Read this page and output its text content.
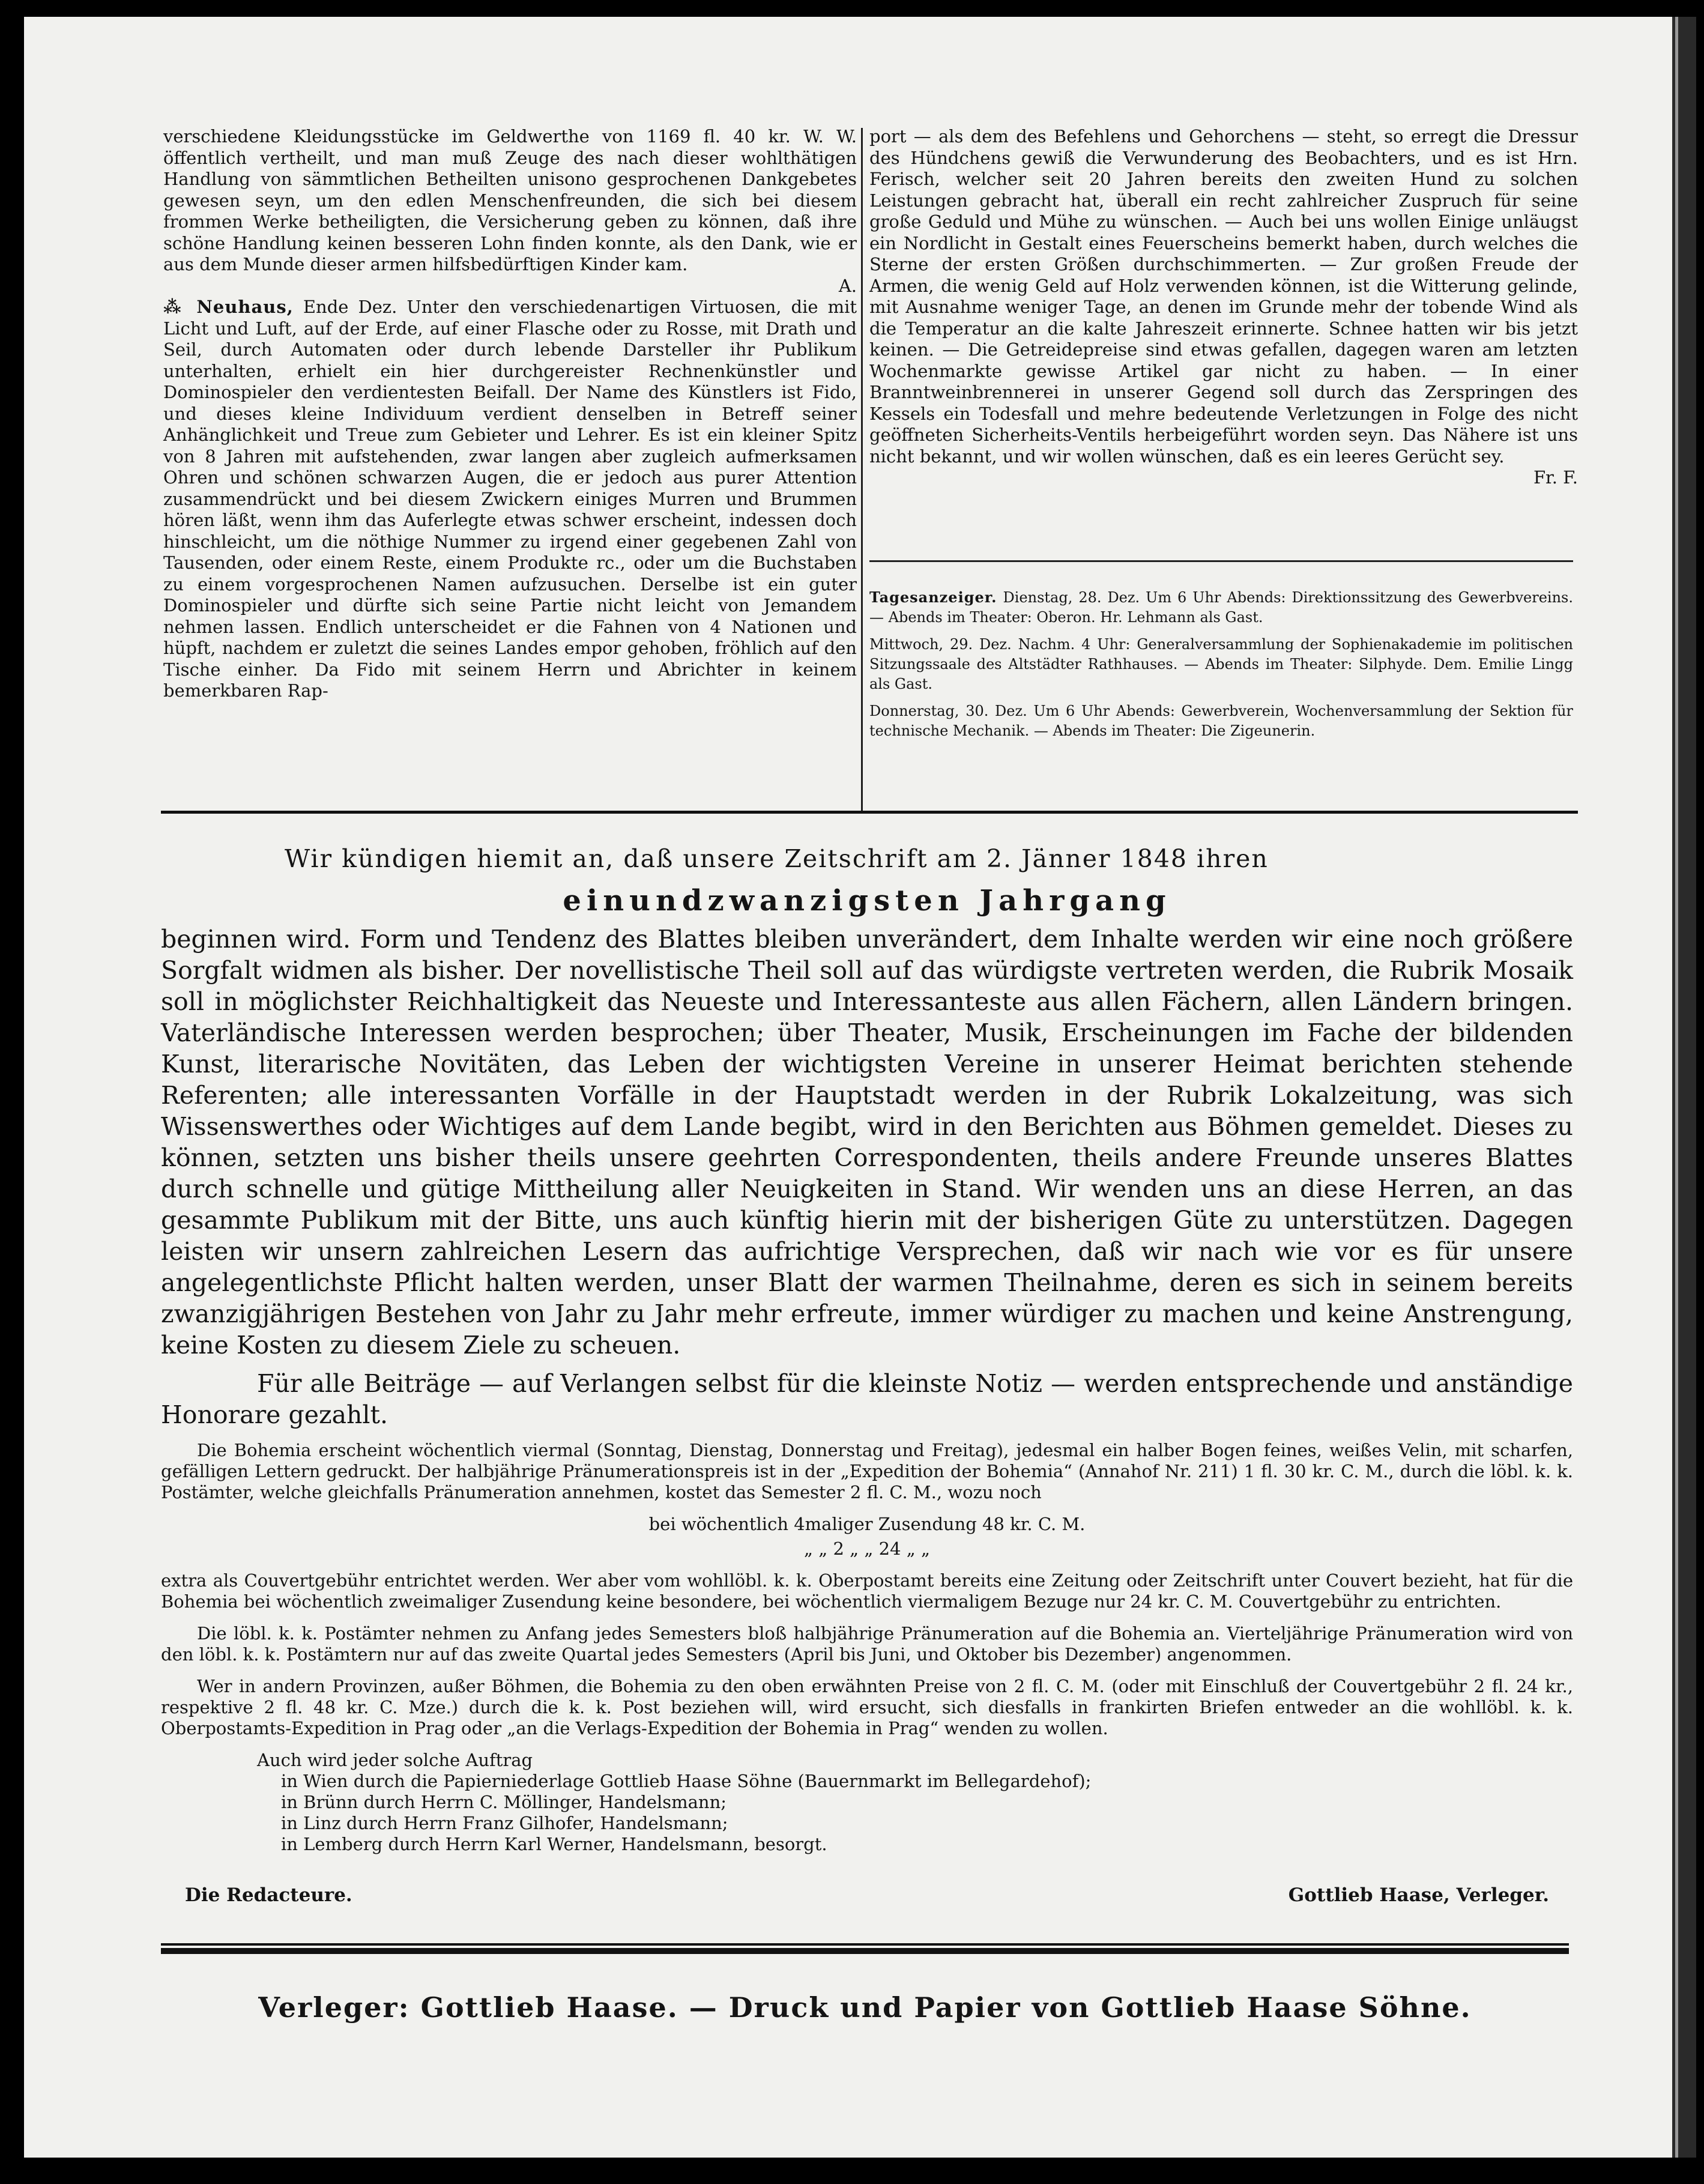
verschiedene Kleidungsstücke im Geldwerthe von 1169 fl. 40 kr. W. W. öffentlich vertheilt, und man muß Zeuge des nach dieser wohlthätigen Handlung von sämmtlichen Betheilten unisono gesprochenen Dankgebetes gewesen seyn, um den edlen Menschenfreunden, die sich bei diesem frommen Werke betheiligten, die Versicherung geben zu können, daß ihre schöne Handlung keinen besseren Lohn finden konnte, als den Dank, wie er aus dem Munde dieser armen hilfsbedürftigen Kinder kam.

A.

⁂ Neuhaus, Ende Dez. Unter den verschiedenartigen Virtuosen, die mit Licht und Luft, auf der Erde, auf einer Flasche oder zu Rosse, mit Drath und Seil, durch Automaten oder durch lebende Darsteller ihr Publikum unterhalten, erhielt ein hier durchgereister Rechnenkünstler und Dominospieler den verdientesten Beifall. Der Name des Künstlers ist Fido, und dieses kleine Individuum verdient denselben in Betreff seiner Anhänglichkeit und Treue zum Gebieter und Lehrer. Es ist ein kleiner Spitz von 8 Jahren mit aufstehenden, zwar langen aber zugleich aufmerksamen Ohren und schönen schwarzen Augen, die er jedoch aus purer Attention zusammendrückt und bei diesem Zwickern einiges Murren und Brummen hören läßt, wenn ihm das Auferlegte etwas schwer erscheint, indessen doch hinschleicht, um die nöthige Nummer zu irgend einer gegebenen Zahl von Tausenden, oder einem Reste, einem Produkte rc., oder um die Buchstaben zu einem vorgesprochenen Namen aufzusuchen. Derselbe ist ein guter Dominospieler und dürfte sich seine Partie nicht leicht von Jemandem nehmen lassen. Endlich unterscheidet er die Fahnen von 4 Nationen und hüpft, nachdem er zuletzt die seines Landes empor gehoben, fröhlich auf den Tische einher. Da Fido mit seinem Herrn und Abrichter in keinem bemerkbaren Rap-

port — als dem des Befehlens und Gehorchens — steht, so erregt die Dressur des Hündchens gewiß die Verwunderung des Beobachters, und es ist Hrn. Ferisch, welcher seit 20 Jahren bereits den zweiten Hund zu solchen Leistungen gebracht hat, überall ein recht zahlreicher Zuspruch für seine große Geduld und Mühe zu wünschen. — Auch bei uns wollen Einige unläugst ein Nordlicht in Gestalt eines Feuerscheins bemerkt haben, durch welches die Sterne der ersten Größen durchschimmerten. — Zur großen Freude der Armen, die wenig Geld auf Holz verwenden können, ist die Witterung gelinde, mit Ausnahme weniger Tage, an denen im Grunde mehr der tobende Wind als die Temperatur an die kalte Jahreszeit erinnerte. Schnee hatten wir bis jetzt keinen. — Die Getreidepreise sind etwas gefallen, dagegen waren am letzten Wochenmarkte gewisse Artikel gar nicht zu haben. — In einer Branntweinbrennerei in unserer Gegend soll durch das Zerspringen des Kessels ein Todesfall und mehre bedeutende Verletzungen in Folge des nicht geöffneten Sicherheits-Ventils herbeigeführt worden seyn. Das Nähere ist uns nicht bekannt, und wir wollen wünschen, daß es ein leeres Gerücht sey.

Fr. F.

Tagesanzeiger. Dienstag, 28. Dez. Um 6 Uhr Abends: Direktionssitzung des Gewerbvereins. — Abends im Theater: Oberon. Hr. Lehmann als Gast.

Mittwoch, 29. Dez. Nachm. 4 Uhr: Generalversammlung der Sophienakademie im politischen Sitzungssaale des Altstädter Rathhauses. — Abends im Theater: Silphyde. Dem. Emilie Lingg als Gast.

Donnerstag, 30. Dez. Um 6 Uhr Abends: Gewerbverein, Wochenversammlung der Sektion für technische Mechanik. — Abends im Theater: Die Zigeunerin.

Wir kündigen hiemit an, daß unsere Zeitschrift am 2. Jänner 1848 ihren

einundzwanzigsten Jahrgang

beginnen wird. Form und Tendenz des Blattes bleiben unverändert, dem Inhalte werden wir eine noch größere Sorgfalt widmen als bisher. Der novellistische Theil soll auf das würdigste vertreten werden, die Rubrik Mosaik soll in möglichster Reichhaltigkeit das Neueste und Interessanteste aus allen Fächern, allen Ländern bringen. Vaterländische Interessen werden besprochen; über Theater, Musik, Erscheinungen im Fache der bildenden Kunst, literarische Novitäten, das Leben der wichtigsten Vereine in unserer Heimat berichten stehende Referenten; alle interessanten Vorfälle in der Hauptstadt werden in der Rubrik Lokalzeitung, was sich Wissenswerthes oder Wichtiges auf dem Lande begibt, wird in den Berichten aus Böhmen gemeldet. Dieses zu können, setzten uns bisher theils unsere geehrten Correspondenten, theils andere Freunde unseres Blattes durch schnelle und gütige Mittheilung aller Neuigkeiten in Stand. Wir wenden uns an diese Herren, an das gesammte Publikum mit der Bitte, uns auch künftig hierin mit der bisherigen Güte zu unterstützen. Dagegen leisten wir unsern zahlreichen Lesern das aufrichtige Versprechen, daß wir nach wie vor es für unsere angelegentlichste Pflicht halten werden, unser Blatt der warmen Theilnahme, deren es sich in seinem bereits zwanzigjährigen Bestehen von Jahr zu Jahr mehr erfreute, immer würdiger zu machen und keine Anstrengung, keine Kosten zu diesem Ziele zu scheuen.

Für alle Beiträge — auf Verlangen selbst für die kleinste Notiz — werden entsprechende und anständige Honorare gezahlt.

Die Bohemia erscheint wöchentlich viermal (Sonntag, Dienstag, Donnerstag und Freitag), jedesmal ein halber Bogen feines, weißes Velin, mit scharfen, gefälligen Lettern gedruckt. Der halbjährige Pränumerationspreis ist in der „Expedition der Bohemia“ (Annahof Nr. 211) 1 fl. 30 kr. C. M., durch die löbl. k. k. Postämter, welche gleichfalls Pränumeration annehmen, kostet das Semester 2 fl. C. M., wozu noch

bei wöchentlich 4maliger Zusendung 48 kr. C. M.

„ „ 2 „ „ 24 „ „

extra als Couvertgebühr entrichtet werden. Wer aber vom wohllöbl. k. k. Oberpostamt bereits eine Zeitung oder Zeitschrift unter Couvert bezieht, hat für die Bohemia bei wöchentlich zweimaliger Zusendung keine besondere, bei wöchentlich viermaligem Bezuge nur 24 kr. C. M. Couvertgebühr zu entrichten.

Die löbl. k. k. Postämter nehmen zu Anfang jedes Semesters bloß halbjährige Pränumeration auf die Bohemia an. Vierteljährige Pränumeration wird von den löbl. k. k. Postämtern nur auf das zweite Quartal jedes Semesters (April bis Juni, und Oktober bis Dezember) angenommen.

Wer in andern Provinzen, außer Böhmen, die Bohemia zu den oben erwähnten Preise von 2 fl. C. M. (oder mit Einschluß der Couvertgebühr 2 fl. 24 kr., respektive 2 fl. 48 kr. C. Mze.) durch die k. k. Post beziehen will, wird ersucht, sich diesfalls in frankirten Briefen entweder an die wohllöbl. k. k. Oberpostamts-Expedition in Prag oder „an die Verlags-Expedition der Bohemia in Prag“ wenden zu wollen.

Auch wird jeder solche Auftrag

in Wien durch die Papierniederlage Gottlieb Haase Söhne (Bauernmarkt im Bellegardehof);

in Brünn durch Herrn C. Möllinger, Handelsmann;

in Linz durch Herrn Franz Gilhofer, Handelsmann;

in Lemberg durch Herrn Karl Werner, Handelsmann, besorgt.

Die Redacteure.	Gottlieb Haase, Verleger.
Verleger: Gottlieb Haase. — Druck und Papier von Gottlieb Haase Söhne.
